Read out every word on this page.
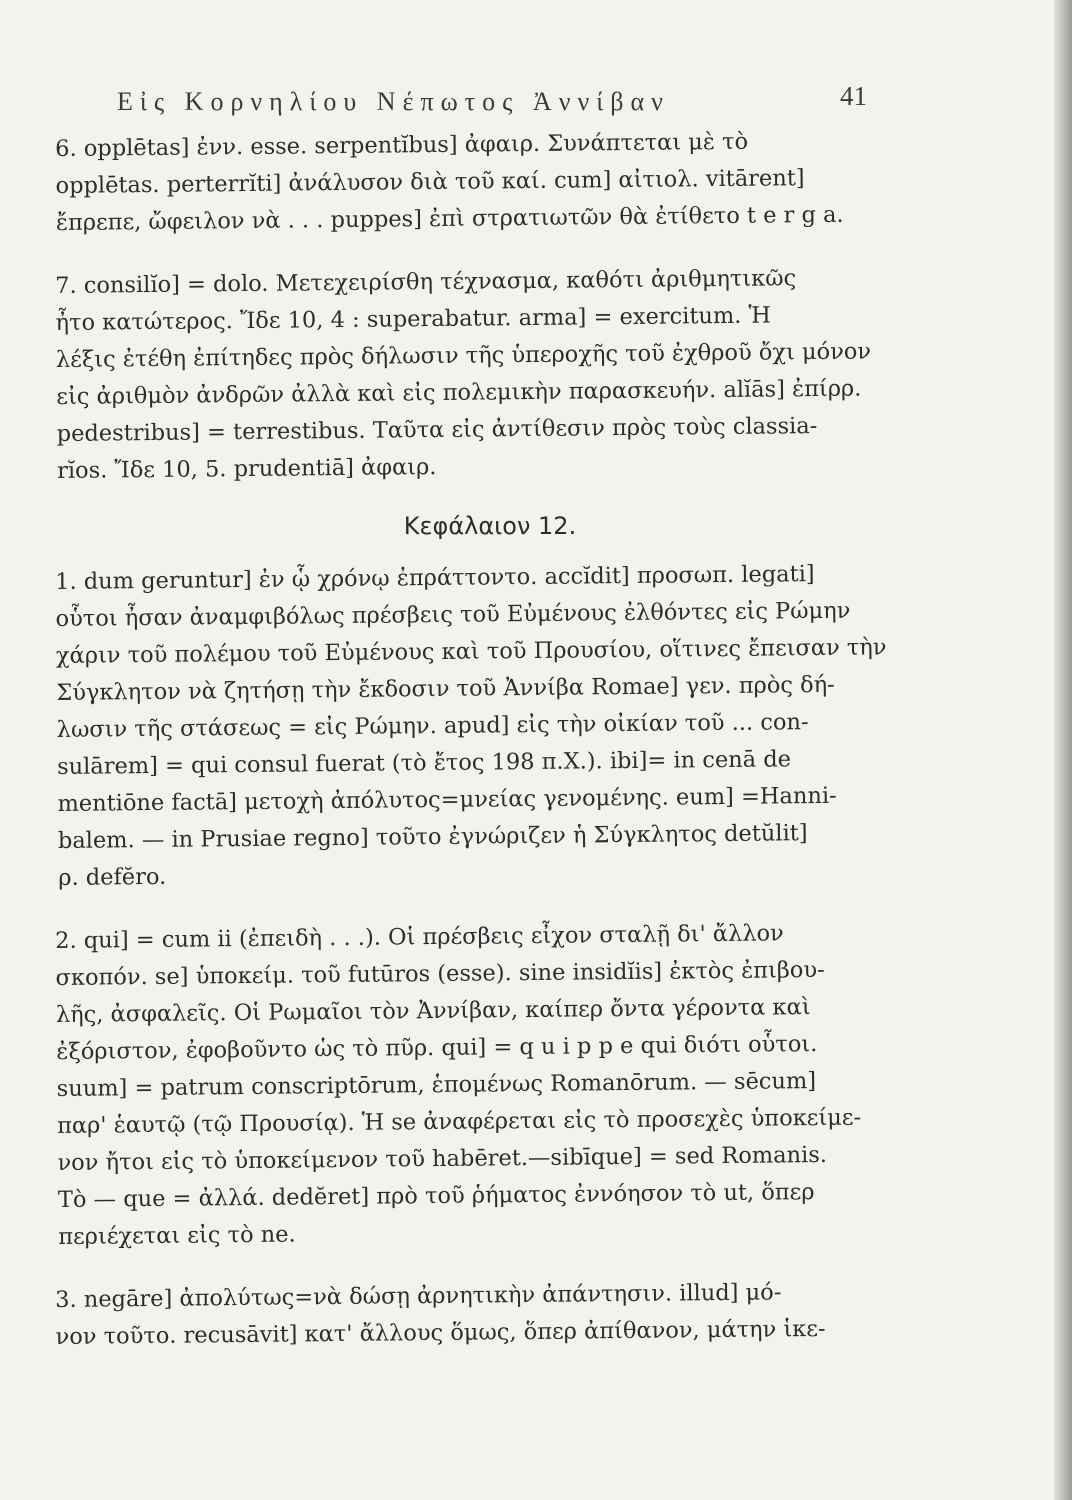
Εἰς Κορνηλίου Νέπωτος Ἀννίβαν	41

6. opplētas] ἐνν. esse. serpentĭbus] ἀφαιρ. Συνάπτεται μὲ τὸ
opplētas. perterrĭti] ἀνάλυσον διὰ τοῦ καί. cum] αἰτιολ. vitārent]
ἔπρεπε, ὤφειλον νὰ . . . puppes] ἐπὶ στρατιωτῶν θὰ ἐτίθετο t e r g a.

7. consilĭo] = dolo. Μετεχειρίσθη τέχνασμα, καθότι ἀριθμητικῶς
ἦτο κατώτερος. Ἴδε 10, 4 : superabatur. arma] = exercitum. Ἡ
λέξις ἐτέθη ἐπίτηδες πρὸς δήλωσιν τῆς ὑπεροχῆς τοῦ ἐχθροῦ ὄχι μόνον
εἰς ἀριθμὸν ἀνδρῶν ἀλλὰ καὶ εἰς πολεμικὴν παρασκευήν. alĭās] ἐπίρρ.
pedestribus] = terrestibus. Ταῦτα εἰς ἀντίθεσιν πρὸς τοὺς classia-
rĭos. Ἴδε 10, 5. prudentiā] ἀφαιρ.

Κεφάλαιον 12.

1. dum geruntur] ἐν ᾧ χρόνῳ ἐπράττοντο. accĭdit] προσωπ. legati]
οὗτοι ἦσαν ἀναμφιβόλως πρέσβεις τοῦ Εὐμένους ἐλθόντες εἰς Ρώμην
χάριν τοῦ πολέμου τοῦ Εὐμένους καὶ τοῦ Προυσίου, οἵτινες ἔπεισαν τὴν
Σύγκλητον νὰ ζητήσῃ τὴν ἔκδοσιν τοῦ Ἀννίβα Romae] γεν. πρὸς δή-
λωσιν τῆς στάσεως = εἰς Ρώμην. apud] εἰς τὴν οἰκίαν τοῦ ... con-
sulārem] = qui consul fuerat (τὸ ἔτος 198 π.Χ.). ibi]= in cenā de
mentiōne factā] μετοχὴ ἀπόλυτος=μνείας γενομένης. eum] =Hanni-
balem. — in Prusiae regno] τοῦτο ἐγνώριζεν ἡ Σύγκλητος detŭlit]
ρ. defĕro.

2. qui] = cum ii (ἐπειδὴ . . .). Οἱ πρέσβεις εἶχον σταλῇ δι' ἄλλον
σκοπόν. se] ὑποκείμ. τοῦ futūros (esse). sine insidĭis] ἐκτὸς ἐπιβου-
λῆς, ἀσφαλεῖς. Οἱ Ρωμαῖοι τὸν Ἀννίβαν, καίπερ ὄντα γέροντα καὶ
ἐξόριστον, ἐφοβοῦντο ὡς τὸ πῦρ. qui] = q u i p p e qui διότι οὗτοι.
suum] = patrum conscriptōrum, ἑπομένως Romanōrum. — sēcum]
παρ' ἑαυτῷ (τῷ Προυσίᾳ). Ἡ se ἀναφέρεται εἰς τὸ προσεχὲς ὑποκείμε-
νον ἤτοι εἰς τὸ ὑποκείμενον τοῦ habēret.—sibīque] = sed Romanis.
Τὸ — que = ἀλλά. dedĕret] πρὸ τοῦ ῥήματος ἐννόησον τὸ ut, ὅπερ
περιέχεται εἰς τὸ ne.

3. negāre] ἀπολύτως=νὰ δώσῃ ἀρνητικὴν ἀπάντησιν. illud] μό-
νον τοῦτο. recusāvit] κατ' ἄλλους ὅμως, ὅπερ ἀπίθανον, μάτην ἱκε-
